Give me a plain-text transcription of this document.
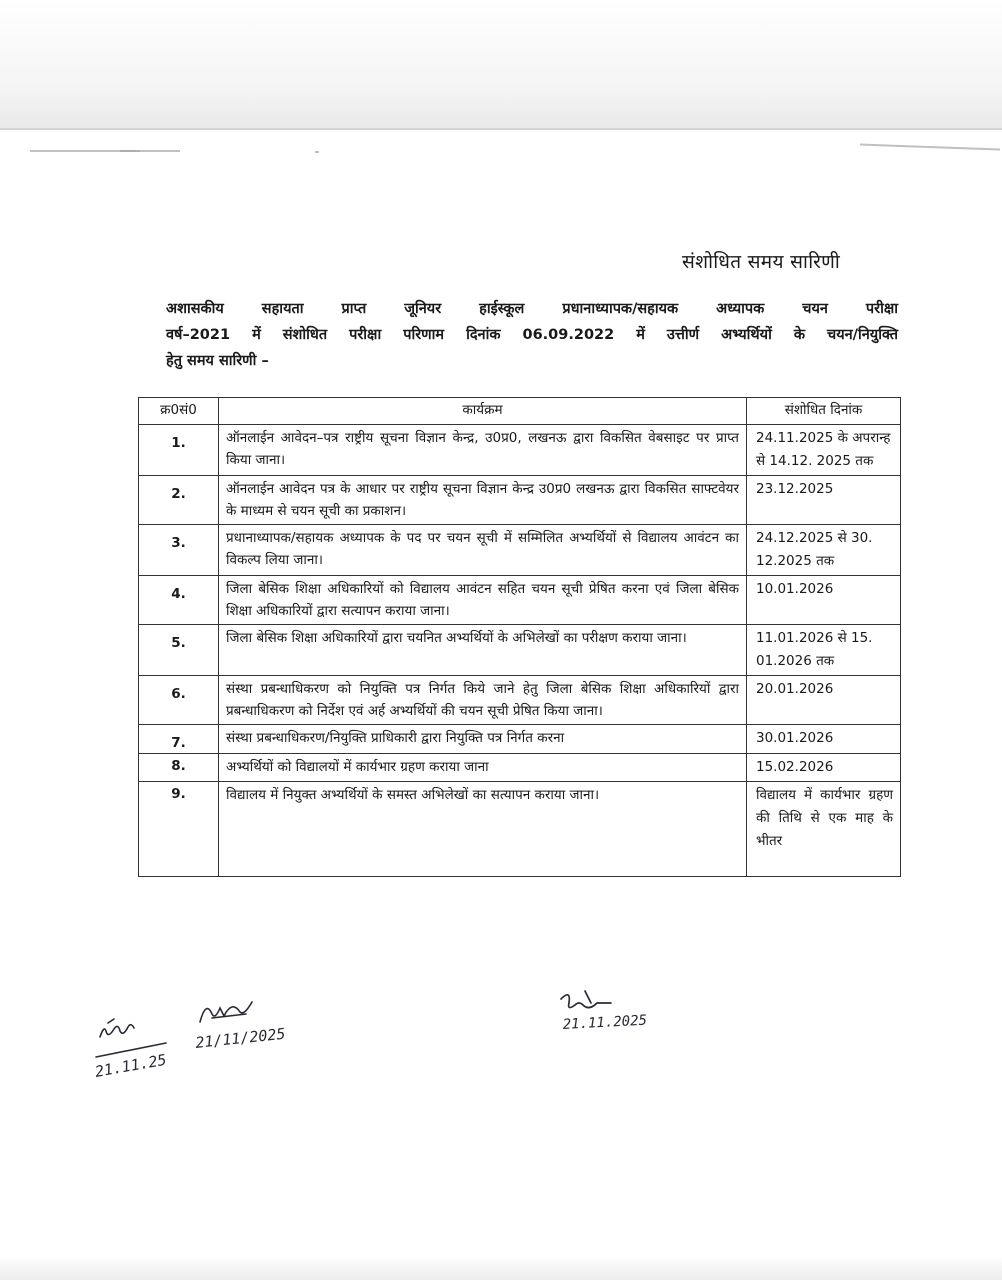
संशोधित समय सारिणी

अशासकीय सहायता प्राप्त जूनियर हाईस्कूल प्रधानाध्यापक/सहायक अध्यापक चयन परीक्षा

वर्ष–2021 में संशोधित परीक्षा परिणाम दिनांक 06.09.2022 में उत्तीर्ण अभ्यर्थियों के चयन/नियुक्ति

हेतु समय सारिणी –

क्र0सं0	कार्यक्रम	संशोधित दिनांक
1.	ऑनलाईन आवेदन–पत्र राष्ट्रीय सूचना विज्ञान केन्द्र, उ0प्र0, लखनऊ द्वारा विकसित वेबसाइट पर प्राप्त किया जाना।	24.11.2025 के अपरान्ह से 14.12. 2025 तक
2.	ऑनलाईन आवेदन पत्र के आधार पर राष्ट्रीय सूचना विज्ञान केन्द्र उ0प्र0 लखनऊ द्वारा विकसित साफ्टवेयर के माध्यम से चयन सूची का प्रकाशन।	23.12.2025
3.	प्रधानाध्यापक/सहायक अध्यापक के पद पर चयन सूची में सम्मिलित अभ्यर्थियों से विद्यालय आवंटन का विकल्प लिया जाना।	24.12.2025 से 30. 12.2025 तक
4.	जिला बेसिक शिक्षा अधिकारियों को विद्यालय आवंटन सहित चयन सूची प्रेषित करना एवं जिला बेसिक शिक्षा अधिकारियों द्वारा सत्यापन कराया जाना।	10.01.2026
5.	जिला बेसिक शिक्षा अधिकारियों द्वारा चयनित अभ्यर्थियों के अभिलेखों का परीक्षण कराया जाना।	11.01.2026 से 15. 01.2026 तक
6.	संस्था प्रबन्धाधिकरण को नियुक्ति पत्र निर्गत किये जाने हेतु जिला बेसिक शिक्षा अधिकारियों द्वारा प्रबन्धाधिकरण को निर्देश एवं अर्ह अभ्यर्थियों की चयन सूची प्रेषित किया जाना।	20.01.2026
7.	संस्था प्रबन्धाधिकरण/नियुक्ति प्राधिकारी द्वारा नियुक्ति पत्र निर्गत करना	30.01.2026
8.	अभ्यर्थियों को विद्यालयों में कार्यभार ग्रहण कराया जाना	15.02.2026
9.	विद्यालय में नियुक्त अभ्यर्थियों के समस्त अभिलेखों का सत्यापन कराया जाना।	विद्यालय में कार्यभार ग्रहण की तिथि से एक माह के भीतर
21.11.25
21/11/2025
21.11.2025
